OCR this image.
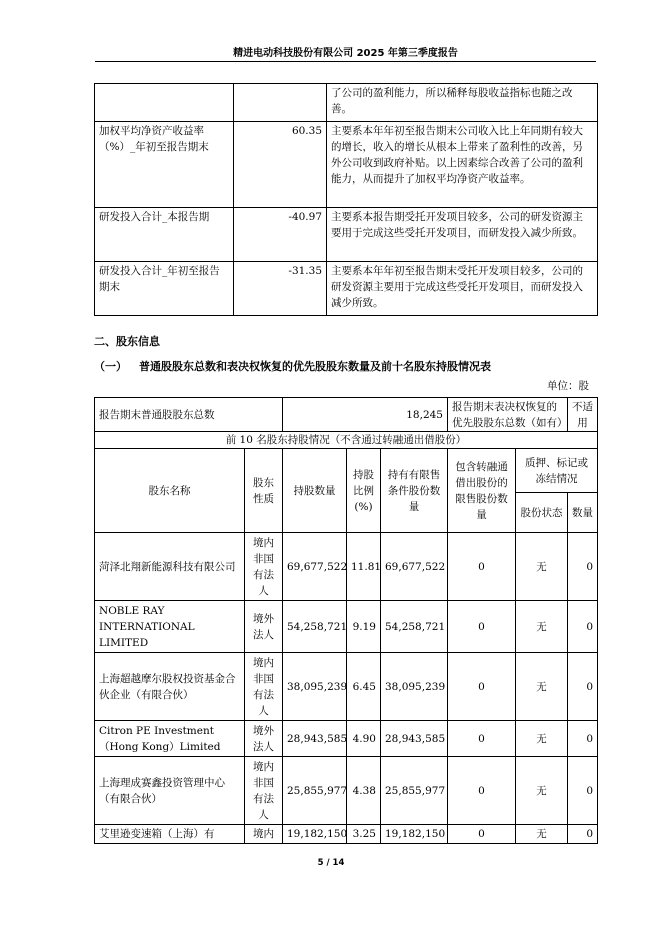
精进电动科技股份有限公司 2025 年第三季度报告
		了公司的盈利能力，所以稀释每股收益指标也随之改善。
加权平均净资产收益率（%）_年初至报告期末	60.35	主要系本年年初至报告期末公司收入比上年同期有较大的增长，收入的增长从根本上带来了盈利性的改善，另外公司收到政府补贴。以上因素综合改善了公司的盈利能力，从而提升了加权平均净资产收益率。
研发投入合计_本报告期	-40.97	主要系本报告期受托开发项目较多，公司的研发资源主要用于完成这些受托开发项目，而研发投入减少所致。
研发投入合计_年初至报告期末	-31.35	主要系本年年初至报告期末受托开发项目较多，公司的研发资源主要用于完成这些受托开发项目，而研发投入减少所致。
二、股东信息
（一） 普通股股东总数和表决权恢复的优先股股东数量及前十名股东持股情况表
单位：股
报告期末普通股股东总数		18,245			报告期末表决权恢复的优先股股东总数（如有）		不适用
前 10 名股东持股情况（不含通过转融通出借股份）							
股东名称	股东性质	持股数量	持股比例(%)	持有有限售条件股份数量	包含转融通借出股份的限售股份数量	质押、标记或冻结情况	
						股份状态	数量
菏泽北翔新能源科技有限公司	境内非国有法人	69,677,522	11.81	69,677,522	0	无	0
NOBLE RAY INTERNATIONAL LIMITED	境外法人	54,258,721	9.19	54,258,721	0	无	0
上海超越摩尔股权投资基金合伙企业（有限合伙）	境内非国有法人	38,095,239	6.45	38,095,239	0	无	0
Citron PE Investment（Hong Kong）Limited	境外法人	28,943,585	4.90	28,943,585	0	无	0
上海理成赛鑫投资管理中心（有限合伙）	境内非国有法人	25,855,977	4.38	25,855,977	0	无	0
艾里逊变速箱（上海）有	境内	19,182,150	3.25	19,182,150	0	无	0
5 / 14
